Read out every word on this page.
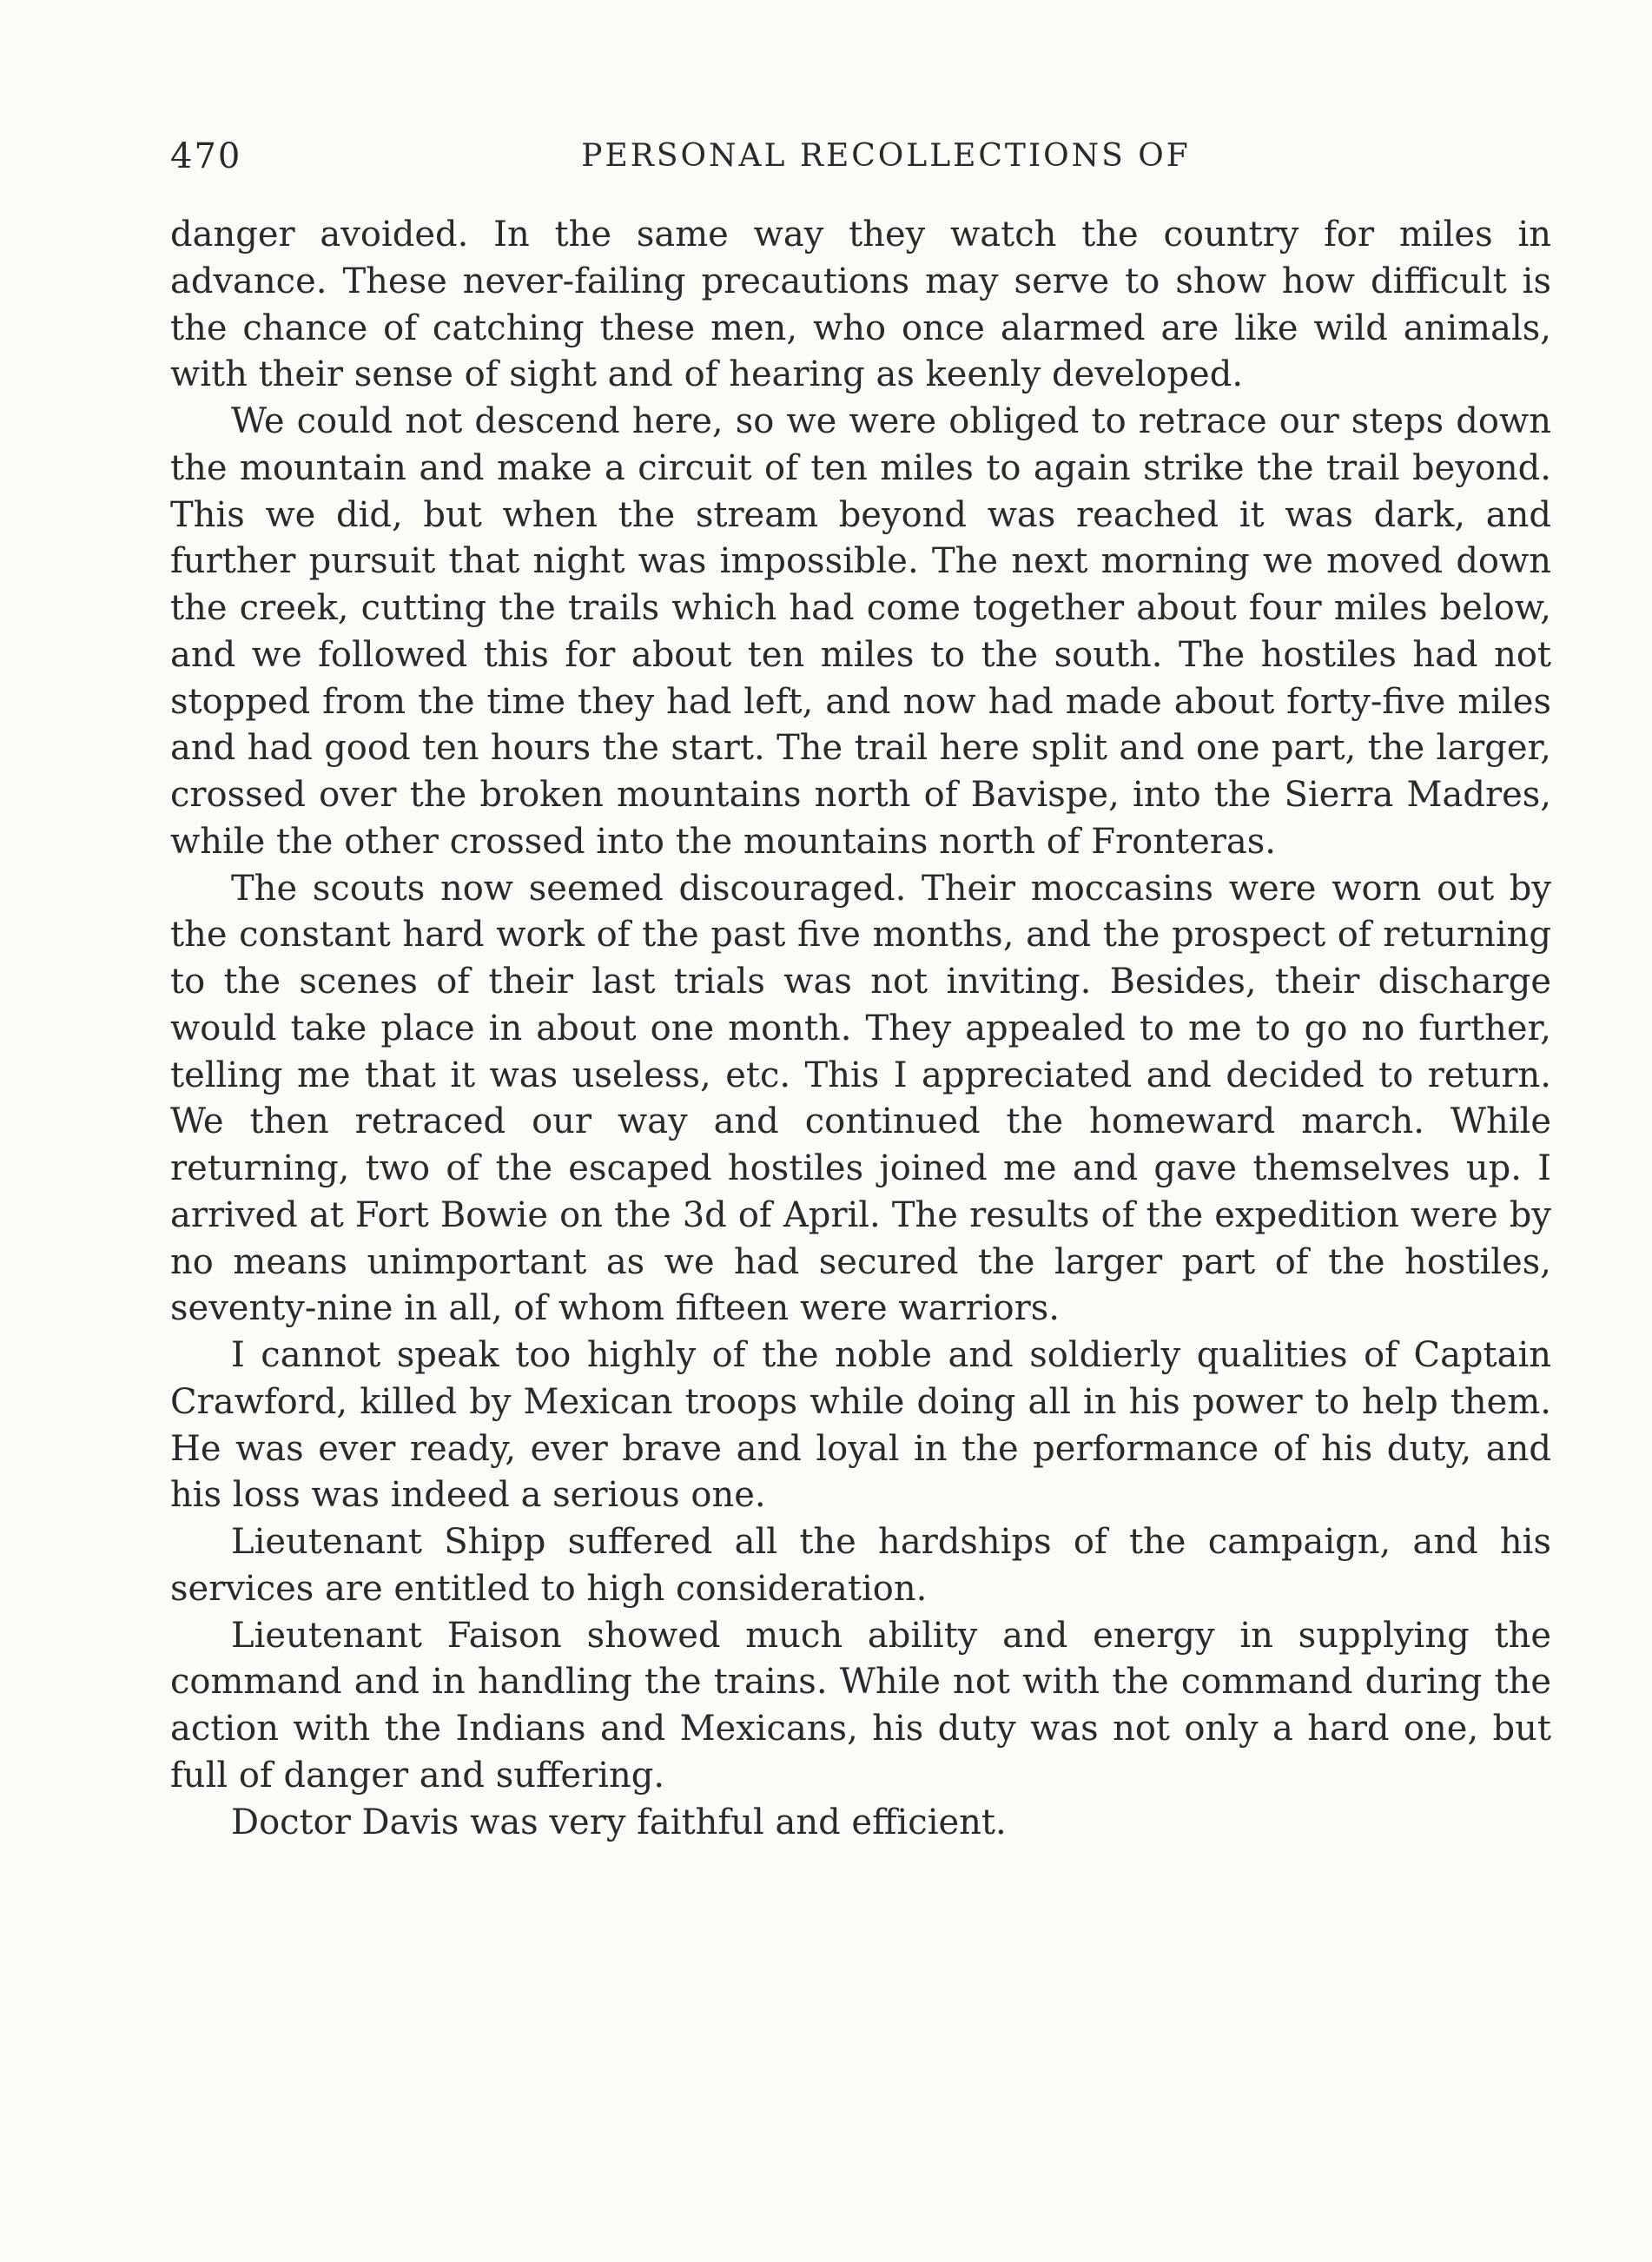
470	PERSONAL RECOLLECTIONS OF

danger avoided. In the same way they watch the country for miles in advance. These never-failing precautions may serve to show how difficult is the chance of catching these men, who once alarmed are like wild animals, with their sense of sight and of hearing as keenly developed.

We could not descend here, so we were obliged to retrace our steps down the mountain and make a circuit of ten miles to again strike the trail beyond. This we did, but when the stream beyond was reached it was dark, and further pursuit that night was impossible. The next morning we moved down the creek, cutting the trails which had come together about four miles below, and we followed this for about ten miles to the south. The hostiles had not stopped from the time they had left, and now had made about forty-five miles and had good ten hours the start. The trail here split and one part, the larger, crossed over the broken mountains north of Bavispe, into the Sierra Madres, while the other crossed into the mountains north of Fronteras.

The scouts now seemed discouraged. Their moccasins were worn out by the constant hard work of the past five months, and the prospect of returning to the scenes of their last trials was not inviting. Besides, their discharge would take place in about one month. They appealed to me to go no further, telling me that it was useless, etc. This I appreciated and decided to return. We then retraced our way and continued the homeward march. While returning, two of the escaped hostiles joined me and gave themselves up. I arrived at Fort Bowie on the 3d of April. The results of the expedition were by no means unimportant as we had secured the larger part of the hostiles, seventy-nine in all, of whom fifteen were warriors.

I cannot speak too highly of the noble and soldierly qualities of Captain Crawford, killed by Mexican troops while doing all in his power to help them. He was ever ready, ever brave and loyal in the performance of his duty, and his loss was indeed a serious one.

Lieutenant Shipp suffered all the hardships of the campaign, and his services are entitled to high consideration.

Lieutenant Faison showed much ability and energy in supplying the command and in handling the trains. While not with the command during the action with the Indians and Mexicans, his duty was not only a hard one, but full of danger and suffering.

Doctor Davis was very faithful and efficient.
